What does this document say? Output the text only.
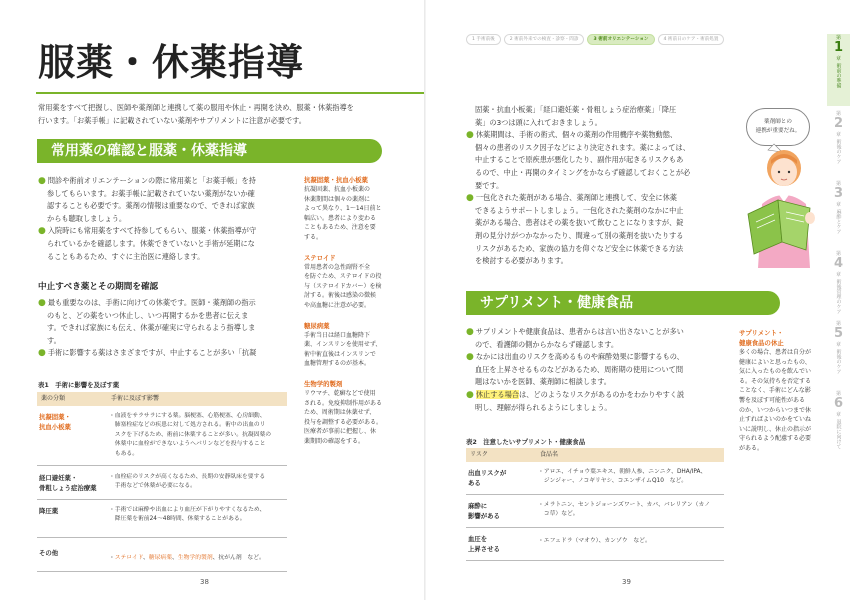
服薬・休薬指導
常用薬をすべて把握し、医師や薬剤師と連携して薬の服用や休止・再開を決め、服薬・休薬指導を
行います。「お薬手帳」に記載されていない薬剤やサプリメントに注意が必要です。
常用薬の確認と服薬・休薬指導
● 問診や術前オリエンテーションの際に常用薬と「お薬手帳」を持
参してもらいます。お薬手帳に記載されていない薬剤がないか確
認することも必要です。薬剤の情報は重要なので、できれば家族
からも聴取しましょう。
● 入院時にも常用薬をすべて持参してもらい、服薬・休薬指導が守
られているかを確認します。休薬できていないと手術が延期にな
ることもあるため、すぐに主治医に連絡します。
中止すべき薬とその期間を確認
● 最も重要なのは、手術に向けての休薬です。医師・薬剤師の指示
のもと、どの薬をいつ休止し、いつ再開するかを患者に伝えま
す。できれば家族にも伝え、休薬が確実に守られるよう指導しま
す。
● 手術に影響する薬はさまざまですが、中止することが多い「抗凝
表1　手術に影響を及ぼす薬
薬の分類	手術に及ぼす影響
抗凝固薬・
抗血小板薬
・血液をサラサラにする薬。脳梗塞、心筋梗塞、心房細動、
　肺塞栓症などの疾患に対して処方される。術中の出血のリ
　スクを下げるため、術前に休薬することが多い。抗凝固薬の
　休薬中に血栓ができないようヘパリンなどを投与すること
　もある。
経口避妊薬・
骨粗しょう症治療薬
・血栓症のリスクが高くなるため、長期の安静臥床を要する
　手術などで休薬が必要になる。
降圧薬	・手術では麻酔や出血により血圧が下がりやすくなるため、
　降圧薬を術前24～48時間、休薬することがある。
その他
・ステロイド、糖尿病薬、生物学的製剤、抗がん剤　など。
抗凝固薬・抗血小板薬
抗凝固薬、抗血小板薬の
休薬期間は個々の薬剤に
よって異なり、1～14日前と
幅広い。患者により変わる
こともあるため、注意を要
する。
ステロイド
常用患者の急性副腎不全
を防ぐため、ステロイドの投
与（ステロイドカバー）を検
討する。術後は感染の徴候
や高血糖に注意が必要。
糖尿病薬
手術当日は経口血糖降下
薬、インスリンを使用せず、
術中術直後はインスリンで
血糖管理するのが基本。
生物学的製剤
リウマチ、乾癬などで使用
される。免疫抑制作用がある
ため、周術期は休薬せず、
投与を調整する必要がある。
医療者が事前に把握し、休
薬期間の確認をする。
38
1 手術前後	2 術前外来での検査・診察・問診	3 術前オリエンテーション	4 術前日のケア・術前処置
固薬・抗血小板薬」「経口避妊薬・骨粗しょう症治療薬」「降圧
薬」の3つは頭に入れておきましょう。
● 休薬期間は、手術の術式、個々の薬剤の作用機序や薬物動態、
個々の患者のリスク因子などにより決定されます。薬によっては、
中止することで原疾患が悪化したり、副作用が起きるリスクもあ
るので、中止・再開のタイミングをかならず確認しておくことが必
要です。
● 一包化された薬剤がある場合、薬剤師と連携して、安全に休薬
できるようサポートしましょう。一包化された薬剤のなかに中止
薬がある場合、患者はその薬を抜いて飲むことになりますが、錠
剤の見分けがつかなかったり、間違って別の薬剤を抜いたりする
リスクがあるため、家族の協力を仰ぐなど安全に休薬できる方法
を検討する必要があります。
薬剤師との
連携が重要だね。
サプリメント・健康食品
● サプリメントや健康食品は、患者からは言い出さないことが多い
ので、看護師の側からかならず確認します。
● なかには出血のリスクを高めるものや麻酔効果に影響するもの、
血圧を上昇させるものなどがあるため、周術期の使用について問
題はないかを医師、薬剤師に相談します。
● 休止する場合は、どのようなリスクがあるのかをわかりやすく説
明し、理解が得られるようにしましょう。
表2　注意したいサプリメント・健康食品
リスク	食品名
出血リスクが
ある
・アロエ、イチョウ葉エキス、朝鮮人参、ニンニク、DHA/IPA、
　ジンジャー、ノコギリヤシ、コエンザイムQ10　など。
麻酔に
影響がある
・メラトニン、セントジョーンズワート、カバ、バレリアン（カノ
　コ草）など。
血圧を
上昇させる
・エフェドラ（マオウ）、カンゾウ　など。
サプリメント・
健康食品の休止
多くの場合、患者は自分が
健康によいと思ったもの、
気に入ったものを飲んでい
る。その気持ちを否定する
ことなく、手術にどんな影
響を及ぼす可能性がある
のか、いつからいつまで休
止すればよいのかをていね
いに説明し、休止の指示が
守られるよう配慮する必要
がある。
39
第
1
章
術前の準備
第
2
章
術後のケア
第
3
章
麻酔とケア
第
4
章
術後管理のケア
第
5
章
術後のケア
第
6
章
退院に向けて
